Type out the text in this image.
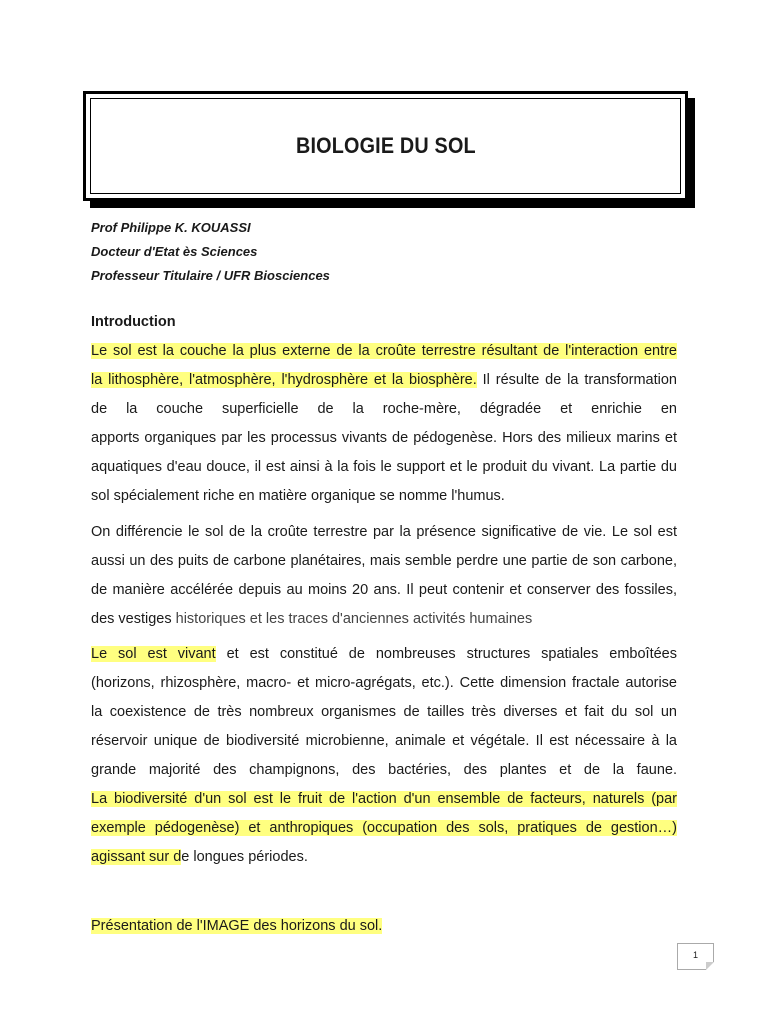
BIOLOGIE DU SOL
Prof Philippe K. KOUASSI
Docteur d'Etat ès Sciences
Professeur Titulaire / UFR Biosciences
Introduction
Le sol est la couche la plus externe de la croûte terrestre résultant de l'interaction entre
la lithosphère, l'atmosphère, l'hydrosphère et la biosphère. Il résulte de la transformation
de la couche superficielle de la roche-mère, dégradée et enrichie en
apports organiques par les processus vivants de pédogenèse. Hors des milieux marins et
aquatiques d'eau douce, il est ainsi à la fois le support et le produit du vivant. La partie du
sol spécialement riche en matière organique se nomme l'humus.
On différencie le sol de la croûte terrestre par la présence significative de vie. Le sol est
aussi un des puits de carbone planétaires, mais semble perdre une partie de son carbone,
de manière accélérée depuis au moins 20 ans. Il peut contenir et conserver des fossiles,
des vestiges historiques et les traces d'anciennes activités humaines
Le sol est vivant et est constitué de nombreuses structures spatiales emboîtées
(horizons, rhizosphère, macro- et micro-agrégats, etc.). Cette dimension fractale autorise
la coexistence de très nombreux organismes de tailles très diverses et fait du sol un
réservoir unique de biodiversité microbienne, animale et végétale. Il est nécessaire à la
grande majorité des champignons, des bactéries, des plantes et de la faune.
La biodiversité d'un sol est le fruit de l'action d'un ensemble de facteurs, naturels (par
exemple pédogenèse) et anthropiques (occupation des sols, pratiques de gestion…)
agissant sur de longues périodes.
Présentation de l'IMAGE des horizons du sol.
1
